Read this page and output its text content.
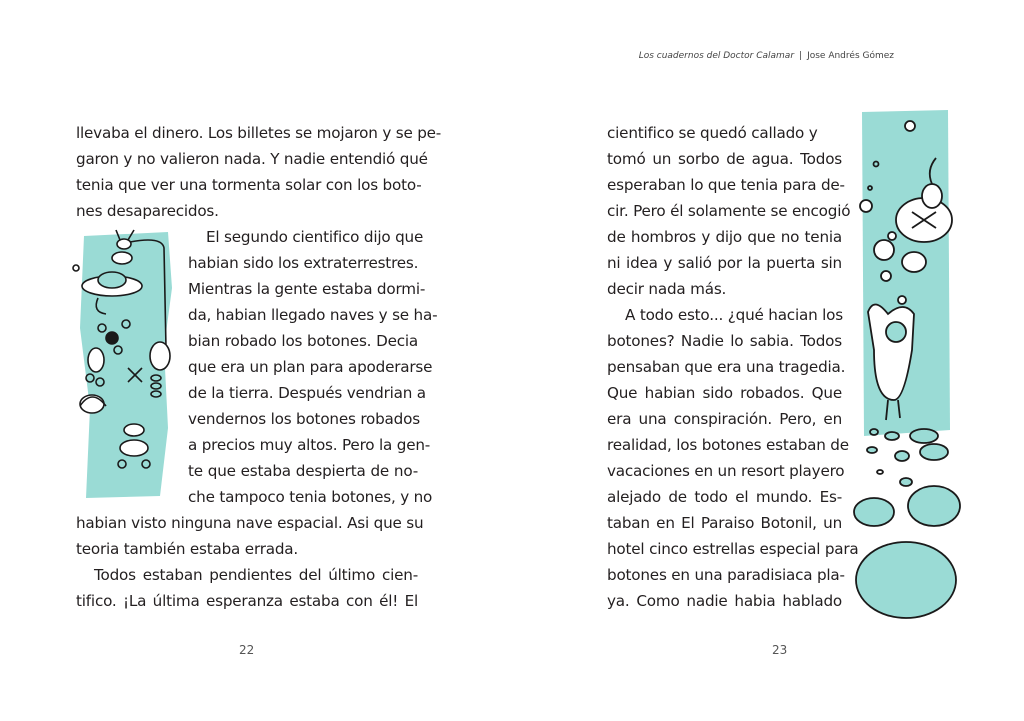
llevaba el dinero. Los billetes se mojaron y se pe-
garon y no valieron nada. Y nadie entendió qué
tenia que ver una tormenta solar con los boto-
nes desaparecidos.
El segundo cientifico dijo que
habian sido los extraterrestres.
Mientras la gente estaba dormi-
da, habian llegado naves y se ha-
bian robado los botones. Decia
que era un plan para apoderarse
de la tierra. Después vendrian a
vendernos los botones robados
a precios muy altos. Pero la gen-
te que estaba despierta de no-
che tampoco tenia botones, y no
habian visto ninguna nave espacial. Asi que su
teoria también estaba errada.
Todos estaban pendientes del último cien-
tifico. ¡La última esperanza estaba con él! El
22
Los cuadernos del Doctor Calamar | Jose Andrés Gómez
cientifico se quedó callado y
tomó un sorbo de agua. Todos
esperaban lo que tenia para de-
cir. Pero él solamente se encogió
de hombros y dijo que no tenia
ni idea y salió por la puerta sin
decir nada más.
A todo esto... ¿qué hacian los
botones? Nadie lo sabia. Todos
pensaban que era una tragedia.
Que habian sido robados. Que
era una conspiración. Pero, en
realidad, los botones estaban de
vacaciones en un resort playero
alejado de todo el mundo. Es-
taban en El Paraiso Botonil, un
hotel cinco estrellas especial para
botones en una paradisiaca pla-
ya. Como nadie habia hablado
23
